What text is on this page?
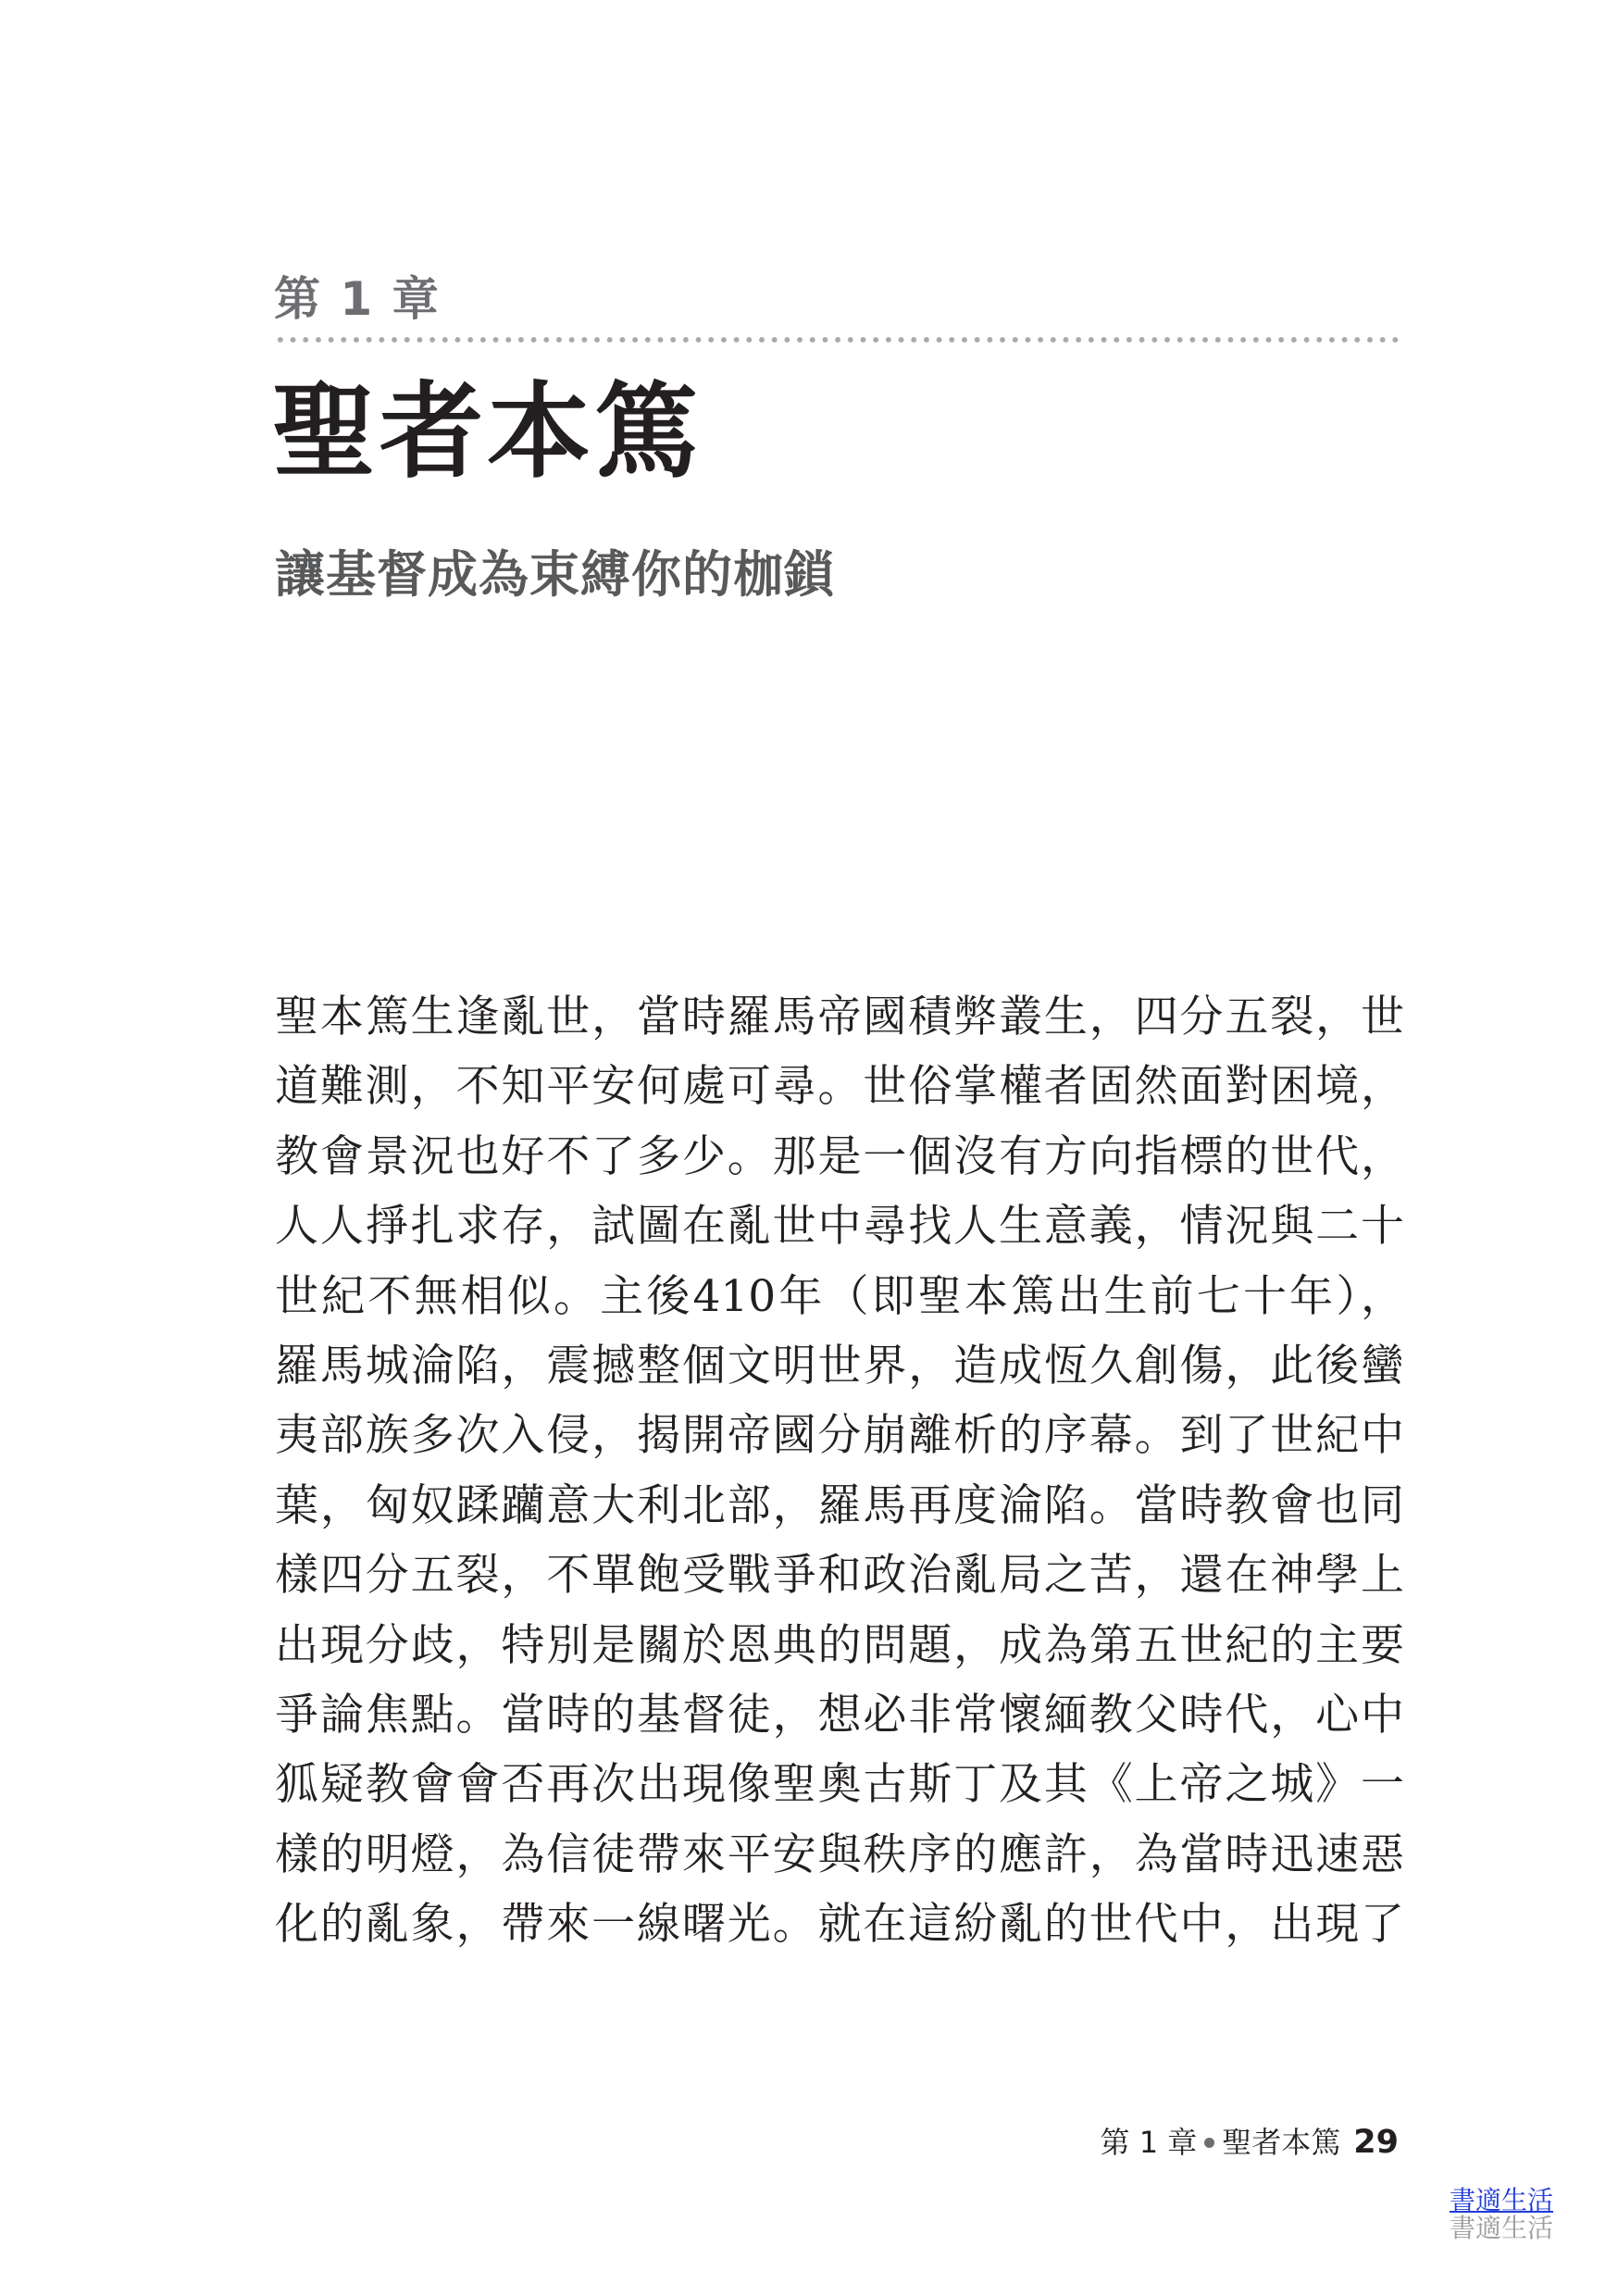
第 1 章
聖者本篤
讓基督成為束縛你的枷鎖
聖本篤生逢亂世，當時羅馬帝國積弊叢生，四分五裂，世
道難測，不知平安何處可尋。世俗掌權者固然面對困境，
教會景況也好不了多少。那是一個沒有方向指標的世代，
人人掙扎求存，試圖在亂世中尋找人生意義，情況與二十
世紀不無相似。主後410年（即聖本篤出生前七十年），
羅馬城淪陷，震撼整個文明世界，造成恆久創傷，此後蠻
夷部族多次入侵，揭開帝國分崩離析的序幕。到了世紀中
葉，匈奴蹂躪意大利北部，羅馬再度淪陷。當時教會也同
樣四分五裂，不單飽受戰爭和政治亂局之苦，還在神學上
出現分歧，特別是關於恩典的問題，成為第五世紀的主要
爭論焦點。當時的基督徒，想必非常懷緬教父時代，心中
狐疑教會會否再次出現像聖奧古斯丁及其《上帝之城》一
樣的明燈，為信徒帶來平安與秩序的應許，為當時迅速惡
化的亂象，帶來一線曙光。就在這紛亂的世代中，出現了
第 1 章 聖者本篤 29
書適生活
書適生活
